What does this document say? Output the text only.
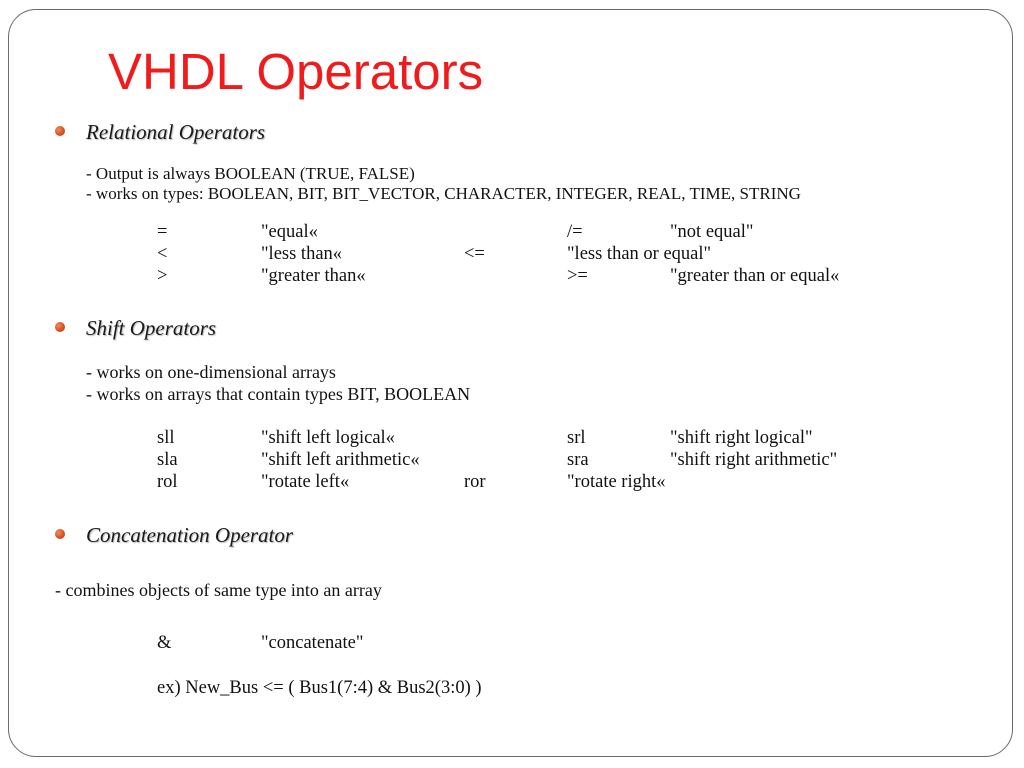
VHDL Operators
Relational Operators
- Output is always BOOLEAN (TRUE, FALSE)
- works on types: BOOLEAN, BIT, BIT_VECTOR, CHARACTER, INTEGER, REAL, TIME, STRING
=	"equal«	/=	"not equal"
<	"less than«	<=	"less than or equal"
>	"greater than«	>=	"greater than or equal«
Shift Operators
- works on one-dimensional arrays
- works on arrays that contain types BIT, BOOLEAN
sll	"shift left logical«	srl	"shift right logical"
sla	"shift left arithmetic«	sra	"shift right arithmetic"
rol	"rotate left«	ror	"rotate right«
Concatenation Operator
- combines objects of same type into an array
&	"concatenate"
ex) New_Bus <= ( Bus1(7:4) & Bus2(3:0) )
